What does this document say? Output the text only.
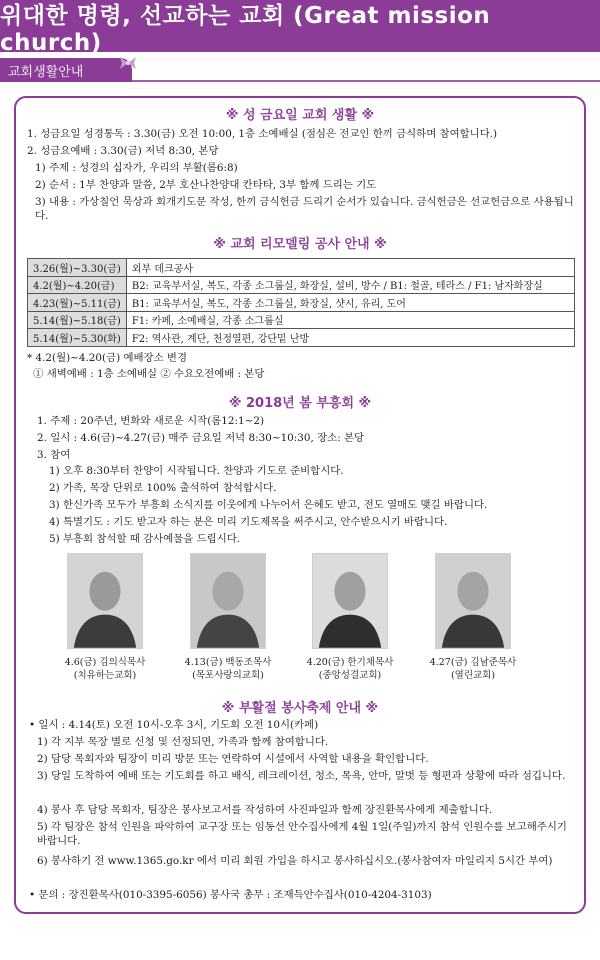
위대한 명령, 선교하는 교회 (Great mission church)
교회생활안내
※ 성 금요일 교회 생활 ※
1. 성금요일 성경통독 : 3.30(금) 오전 10:00, 1층 소예배실 (점심은 전교인 한끼 금식하며 참여합니다.)
2. 성금요예배 : 3.30(금) 저녁 8:30, 본당
1) 주제 : 성경의 십자가, 우리의 부활(롬6:8)
2) 순서 : 1부 찬양과 말씀, 2부 호산나찬양대 칸타타, 3부 함께 드리는 기도
3) 내용 : 가상칠언 묵상과 회개기도문 작성, 한끼 금식헌금 드리기 순서가 있습니다. 금식헌금은 선교헌금으로 사용됩니다.
※ 교회 리모델링 공사 안내 ※
3.26(월)~3.30(금)	외부 데크공사
4.2(월)~4.20(금)	B2: 교육부서실, 복도, 각종 소그룹실, 화장실, 설비, 방수 / B1: 철골, 테라스 / F1: 남자화장실
4.23(월)~5.11(금)	B1: 교육부서실, 복도, 각종 소그룹실, 화장실, 샷시, 유리, 도어
5.14(월)~5.18(금)	F1: 카페, 소예배실, 각종 소그룹실
5.14(월)~5.30(화)	F2: 역사관, 계단, 천정열편, 강단밑 난방
* 4.2(월)~4.20(금) 예배장소 변경
① 새벽예배 : 1층 소예배실 ② 수요오전예배 : 본당
※ 2018년 봄 부흥회 ※
1. 주제 : 20주년, 변화와 새로운 시작(롬12:1~2)
2. 일시 : 4.6(금)~4.27(금) 매주 금요일 저녁 8:30~10:30, 장소: 본당
3. 참여
1) 오후 8:30부터 찬양이 시작됩니다. 찬양과 기도로 준비합시다.
2) 가족, 목장 단위로 100% 출석하여 참석합시다.
3) 한신가족 모두가 부흥회 소식지를 이웃에게 나누어서 은혜도 받고, 전도 열매도 맺길 바랍니다.
4) 특별기도 : 기도 받고자 하는 분은 미리 기도제목을 써주시고, 안수받으시기 바랍니다.
5) 부흥회 참석할 때 감사예물을 드립시다.
4.6(금) 김의식목사
(치유하는교회)
4.13(금) 백동조목사
(목포사랑의교회)
4.20(금) 한기채목사
(중앙성결교회)
4.27(금) 김남준목사
(열린교회)
※ 부활절 봉사축제 안내 ※
• 일시 : 4.14(토) 오전 10시-오후 3시, 기도회 오전 10시(카페)
1) 각 지부 목장 별로 신청 및 선정되면, 가족과 함께 참여합니다.
2) 담당 목회자와 팀장이 미리 방문 또는 연락하여 시설에서 사역할 내용을 확인합니다.
3) 당일 도착하여 예배 또는 기도회를 하고 배식, 레크레이션, 청소, 목욕, 안마, 말벗 등 형편과 상황에 따라 섬깁니다.
4) 봉사 후 담당 목회자, 팀장은 봉사보고서를 작성하여 사진파일과 함께 장진환목사에게 제출합니다.
5) 각 팀장은 참석 인원을 파악하여 교구장 또는 임동선 안수집사에게 4월 1일(주일)까지 참석 인원수를 보고해주시기 바랍니다.
6) 봉사하기 전 www.1365.go.kr 에서 미리 회원 가입을 하시고 봉사하십시오.(봉사참여자 마일리지 5시간 부여)
• 문의 : 장진환목사(010-3395-6056) 봉사국 총무 : 조재득안수집사(010-4204-3103)
